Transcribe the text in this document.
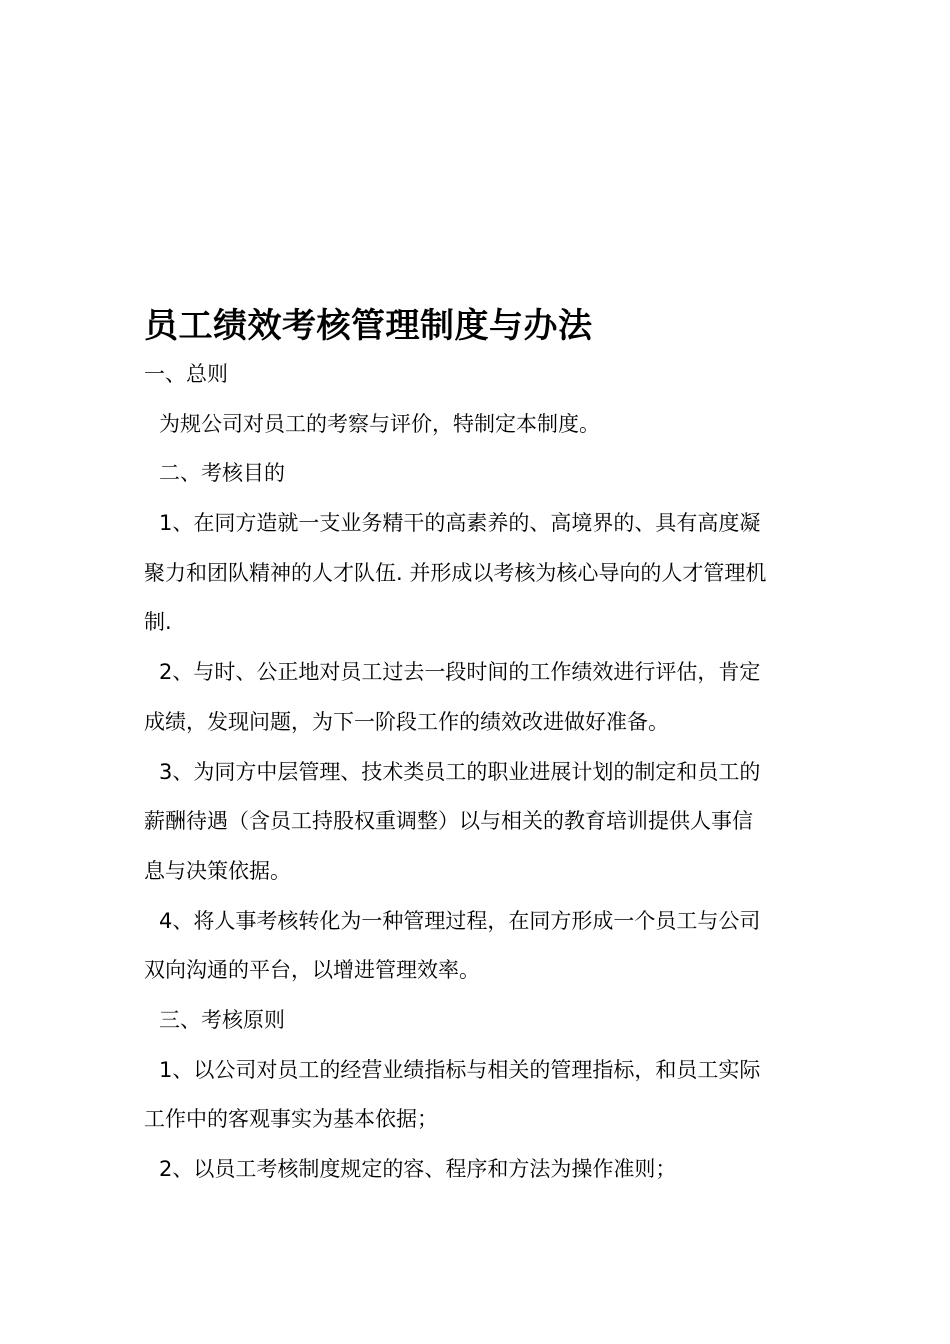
员工绩效考核管理制度与办法
一、总则
为规公司对员工的考察与评价，特制定本制度。
二、考核目的
1、在同方造就一支业务精干的高素养的、高境界的、具有高度凝
聚力和团队精神的人才队伍. 并形成以考核为核心导向的人才管理机
制.
2、与时、公正地对员工过去一段时间的工作绩效进行评估，肯定
成绩，发现问题，为下一阶段工作的绩效改进做好准备。
3、为同方中层管理、技术类员工的职业进展计划的制定和员工的
薪酬待遇（含员工持股权重调整）以与相关的教育培训提供人事信
息与决策依据。
4、将人事考核转化为一种管理过程，在同方形成一个员工与公司
双向沟通的平台，以增进管理效率。
三、考核原则
1、以公司对员工的经营业绩指标与相关的管理指标，和员工实际
工作中的客观事实为基本依据；
2、以员工考核制度规定的容、程序和方法为操作准则；
